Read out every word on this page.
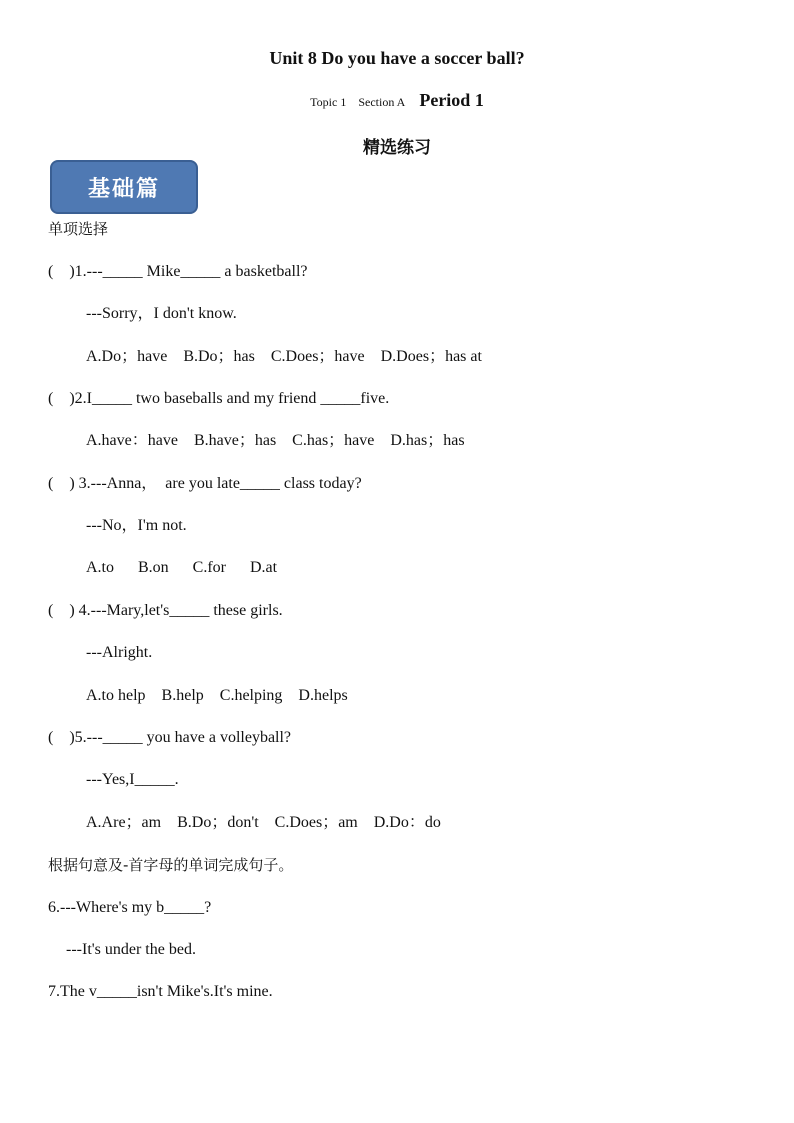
Unit 8 Do you have a soccer ball?
Topic 1 Section A Period 1
精选练习
基础篇
单项选择
(    )1.---_____ Mike_____ a basketball?
---Sorry，I don't know.
A.Do；have    B.Do；has    C.Does；have    D.Does；has at
(    )2.I_____ two baseballs and my friend _____five.
A.have：have    B.have；has    C.has；have    D.has；has
(    ) 3.---Anna，  are you late_____ class today?
---No，I'm not.
A.to      B.on      C.for      D.at
(    ) 4.---Mary,let's_____ these girls.
---Alright.
A.to help    B.help    C.helping    D.helps
(    )5.---_____ you have a volleyball?
---Yes,I_____.
A.Are；am    B.Do；don't    C.Does；am    D.Do：do
根据句意及-首字母的单词完成句子。
6.---Where's my b_____?
---It's under the bed.
7.The v_____isn't Mike's.It's mine.
